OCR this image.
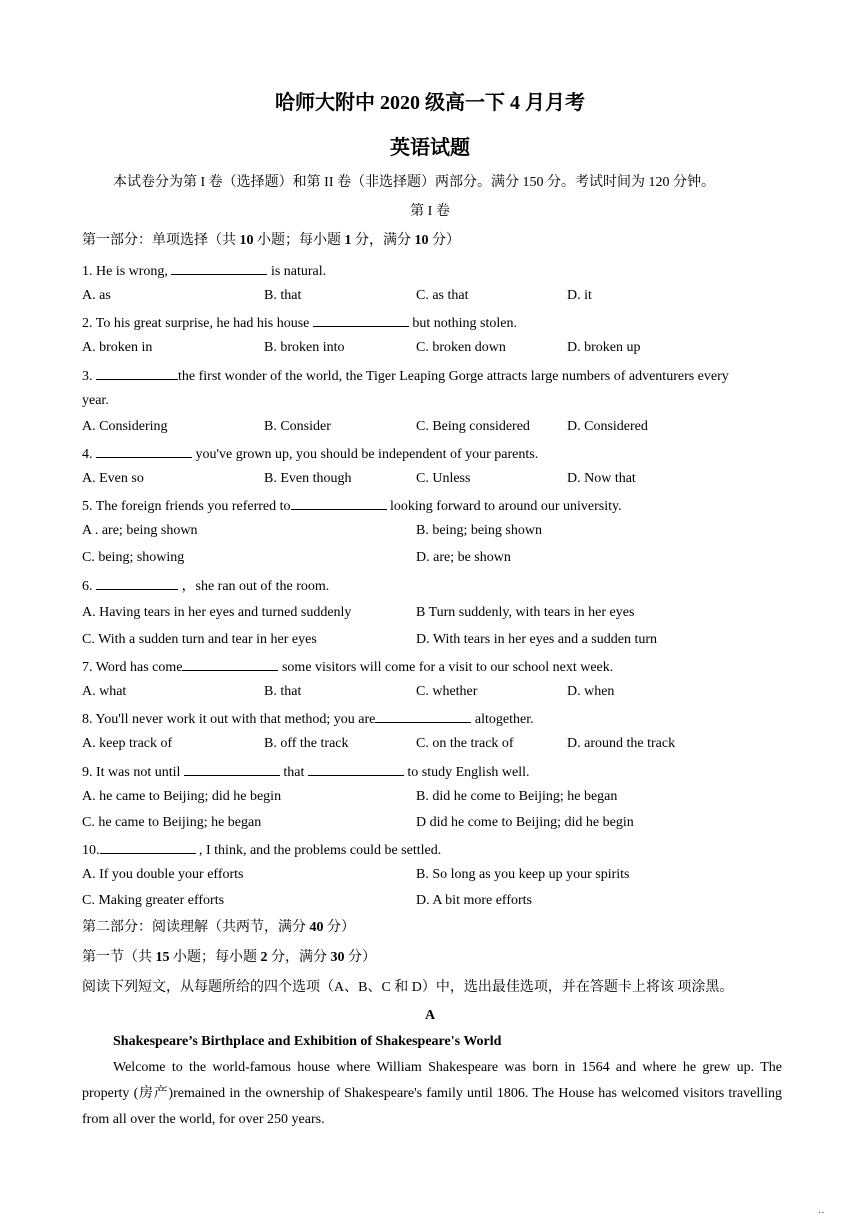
哈师大附中 2020 级高一下 4 月月考
英语试题
本试卷分为第 I 卷（选择题）和第 II 卷（非选择题）两部分。满分 150 分。考试时间为 120 分钟。
第 I 卷
第一部分：单项选择（共 10 小题；每小题 1 分，满分 10 分）
1. He is wrong,	is natural.
A. as	B. that	C. as that	D. it
2. To his great surprise, he had his house	but nothing stolen.
A. broken in	B. broken into	C. broken down	D. broken up
3.	the first wonder of the world, the Tiger Leaping Gorge attracts large numbers of adventurers every
year.
A. Considering	B. Consider	C. Being considered	D. Considered
4.	you've grown up, you should be independent of your parents.
A. Even so	B. Even though	C. Unless	D. Now that
5. The foreign friends you referred to	looking forward to around our university.
A . are; being shown	B. being; being shown
C. being; showing	D. are; be shown
6.	，she ran out of the room.
A. Having tears in her eyes and turned suddenly	B Turn suddenly, with tears in her eyes
C. With a sudden turn and tear in her eyes	D. With tears in her eyes and a sudden turn
7. Word has come	some visitors will come for a visit to our school next week.
A. what	B. that	C. whether	D. when
8. You'll never work it out with that method; you are	altogether.
A. keep track of	B. off the track	C. on the track of	D. around the track
9. It was not until	that	to study English well.
A. he came to Beijing; did he begin	B. did he come to Beijing; he began
C. he came to Beijing; he began	D did he come to Beijing; did he begin
10.	, I think, and the problems could be settled.
A. If you double your efforts	B. So long as you keep up your spirits
C. Making greater efforts	D. A bit more efforts
第二部分：阅读理解（共两节，满分 40 分）
第一节（共 15 小题；每小题 2 分，满分 30 分）
阅读下列短文，从每题所给的四个选项（A、B、C 和 D）中，选出最佳选项，并在答题卡上将该 项涂黑。
A
Shakespeare’s Birthplace and Exhibition of Shakespeare's World
Welcome to the world-famous house where William Shakespeare was born in 1564 and where he grew up. The property (房产)remained in the ownership of Shakespeare's family until 1806. The House has welcomed visitors travelling from all over the world, for over 250 years.
··
